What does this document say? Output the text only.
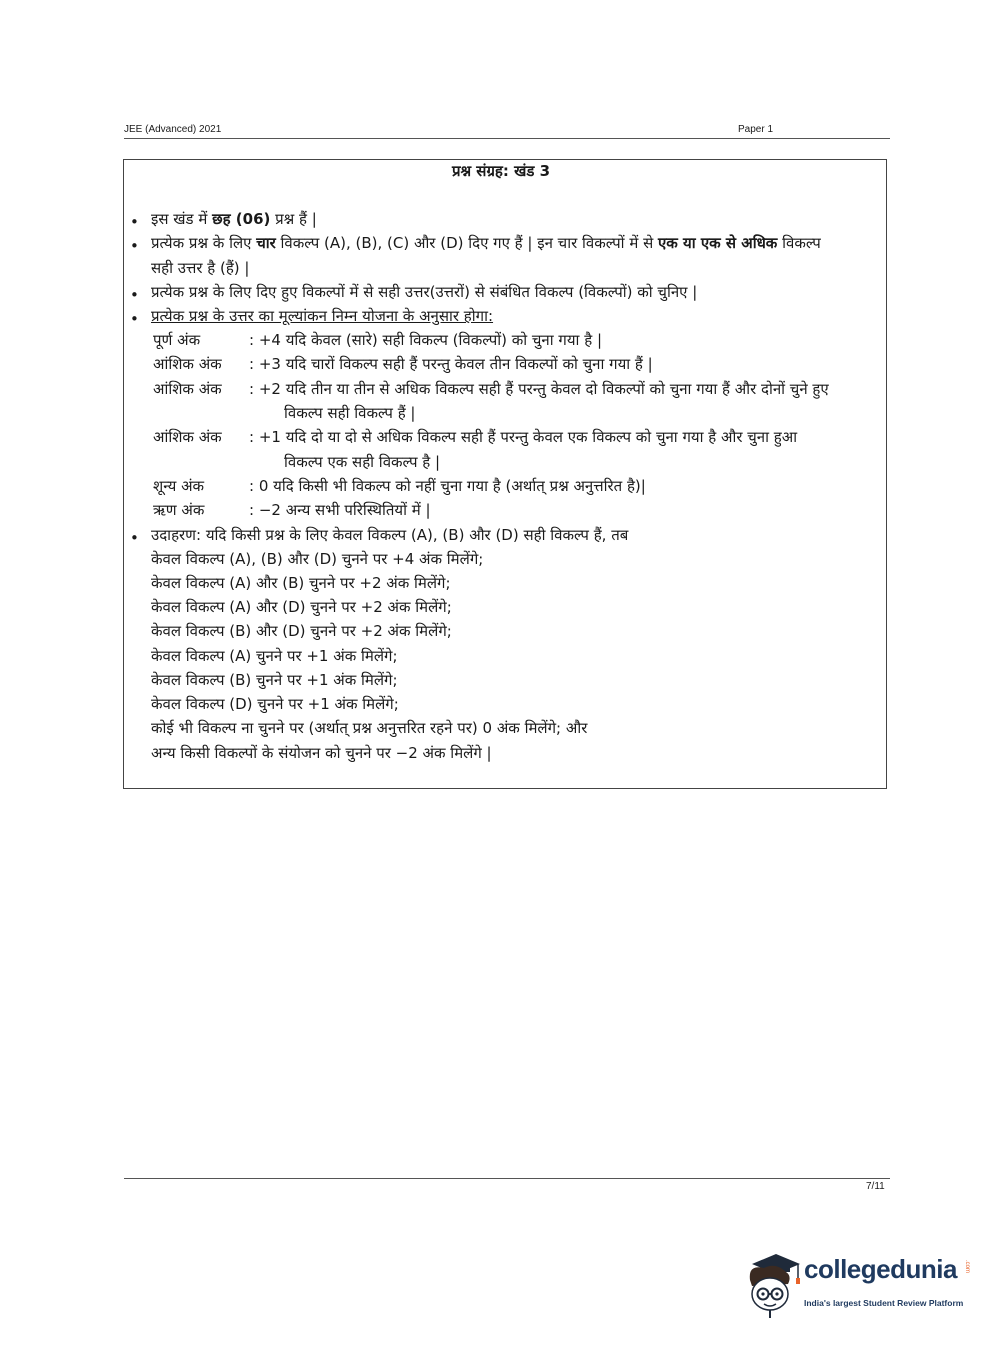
JEE (Advanced) 2021	Paper 1
प्रश्न संग्रह: खंड 3
• इस खंड में छह (06) प्रश्न हैं |
• प्रत्येक प्रश्न के लिए चार विकल्प (A), (B), (C) और (D) दिए गए हैं | इन चार विकल्पों में से एक या एक से अधिक विकल्प
सही उत्तर है (हैं) |
• प्रत्येक प्रश्न के लिए दिए हुए विकल्पों में से सही उत्तर(उत्तरों) से संबंधित विकल्प (विकल्पों) को चुनिए |
• प्रत्येक प्रश्न के उत्तर का मूल्यांकन निम्न योजना के अनुसार होगा:
पूर्ण अंक	: +4 यदि केवल (सारे) सही विकल्प (विकल्पों) को चुना गया है |
आंशिक अंक : +3 यदि चारों विकल्प सही हैं परन्तु केवल तीन विकल्पों को चुना गया हैं |
आंशिक अंक : +2 यदि तीन या तीन से अधिक विकल्प सही हैं परन्तु केवल दो विकल्पों को चुना गया हैं और दोनों चुने हुए
विकल्प सही विकल्प हैं |
आंशिक अंक : +1 यदि दो या दो से अधिक विकल्प सही हैं परन्तु केवल एक विकल्प को चुना गया है और चुना हुआ
विकल्प एक सही विकल्प है |
शून्य अंक	: 0 यदि किसी भी विकल्प को नहीं चुना गया है (अर्थात् प्रश्न अनुत्तरित है)|
ऋण अंक	: −2 अन्य सभी परिस्थितियों में |
• उदाहरण: यदि किसी प्रश्न के लिए केवल विकल्प (A), (B) और (D) सही विकल्प हैं, तब
केवल विकल्प (A), (B) और (D) चुनने पर +4 अंक मिलेंगे;
केवल विकल्प (A) और (B) चुनने पर +2 अंक मिलेंगे;
केवल विकल्प (A) और (D) चुनने पर +2 अंक मिलेंगे;
केवल विकल्प (B) और (D) चुनने पर +2 अंक मिलेंगे;
केवल विकल्प (A) चुनने पर +1 अंक मिलेंगे;
केवल विकल्प (B) चुनने पर +1 अंक मिलेंगे;
केवल विकल्प (D) चुनने पर +1 अंक मिलेंगे;
कोई भी विकल्प ना चुनने पर (अर्थात् प्रश्न अनुत्तरित रहने पर) 0 अंक मिलेंगे; और
अन्य किसी विकल्पों के संयोजन को चुनने पर −2 अंक मिलेंगे |
7/11
collegedunia .com
India's largest Student Review Platform
